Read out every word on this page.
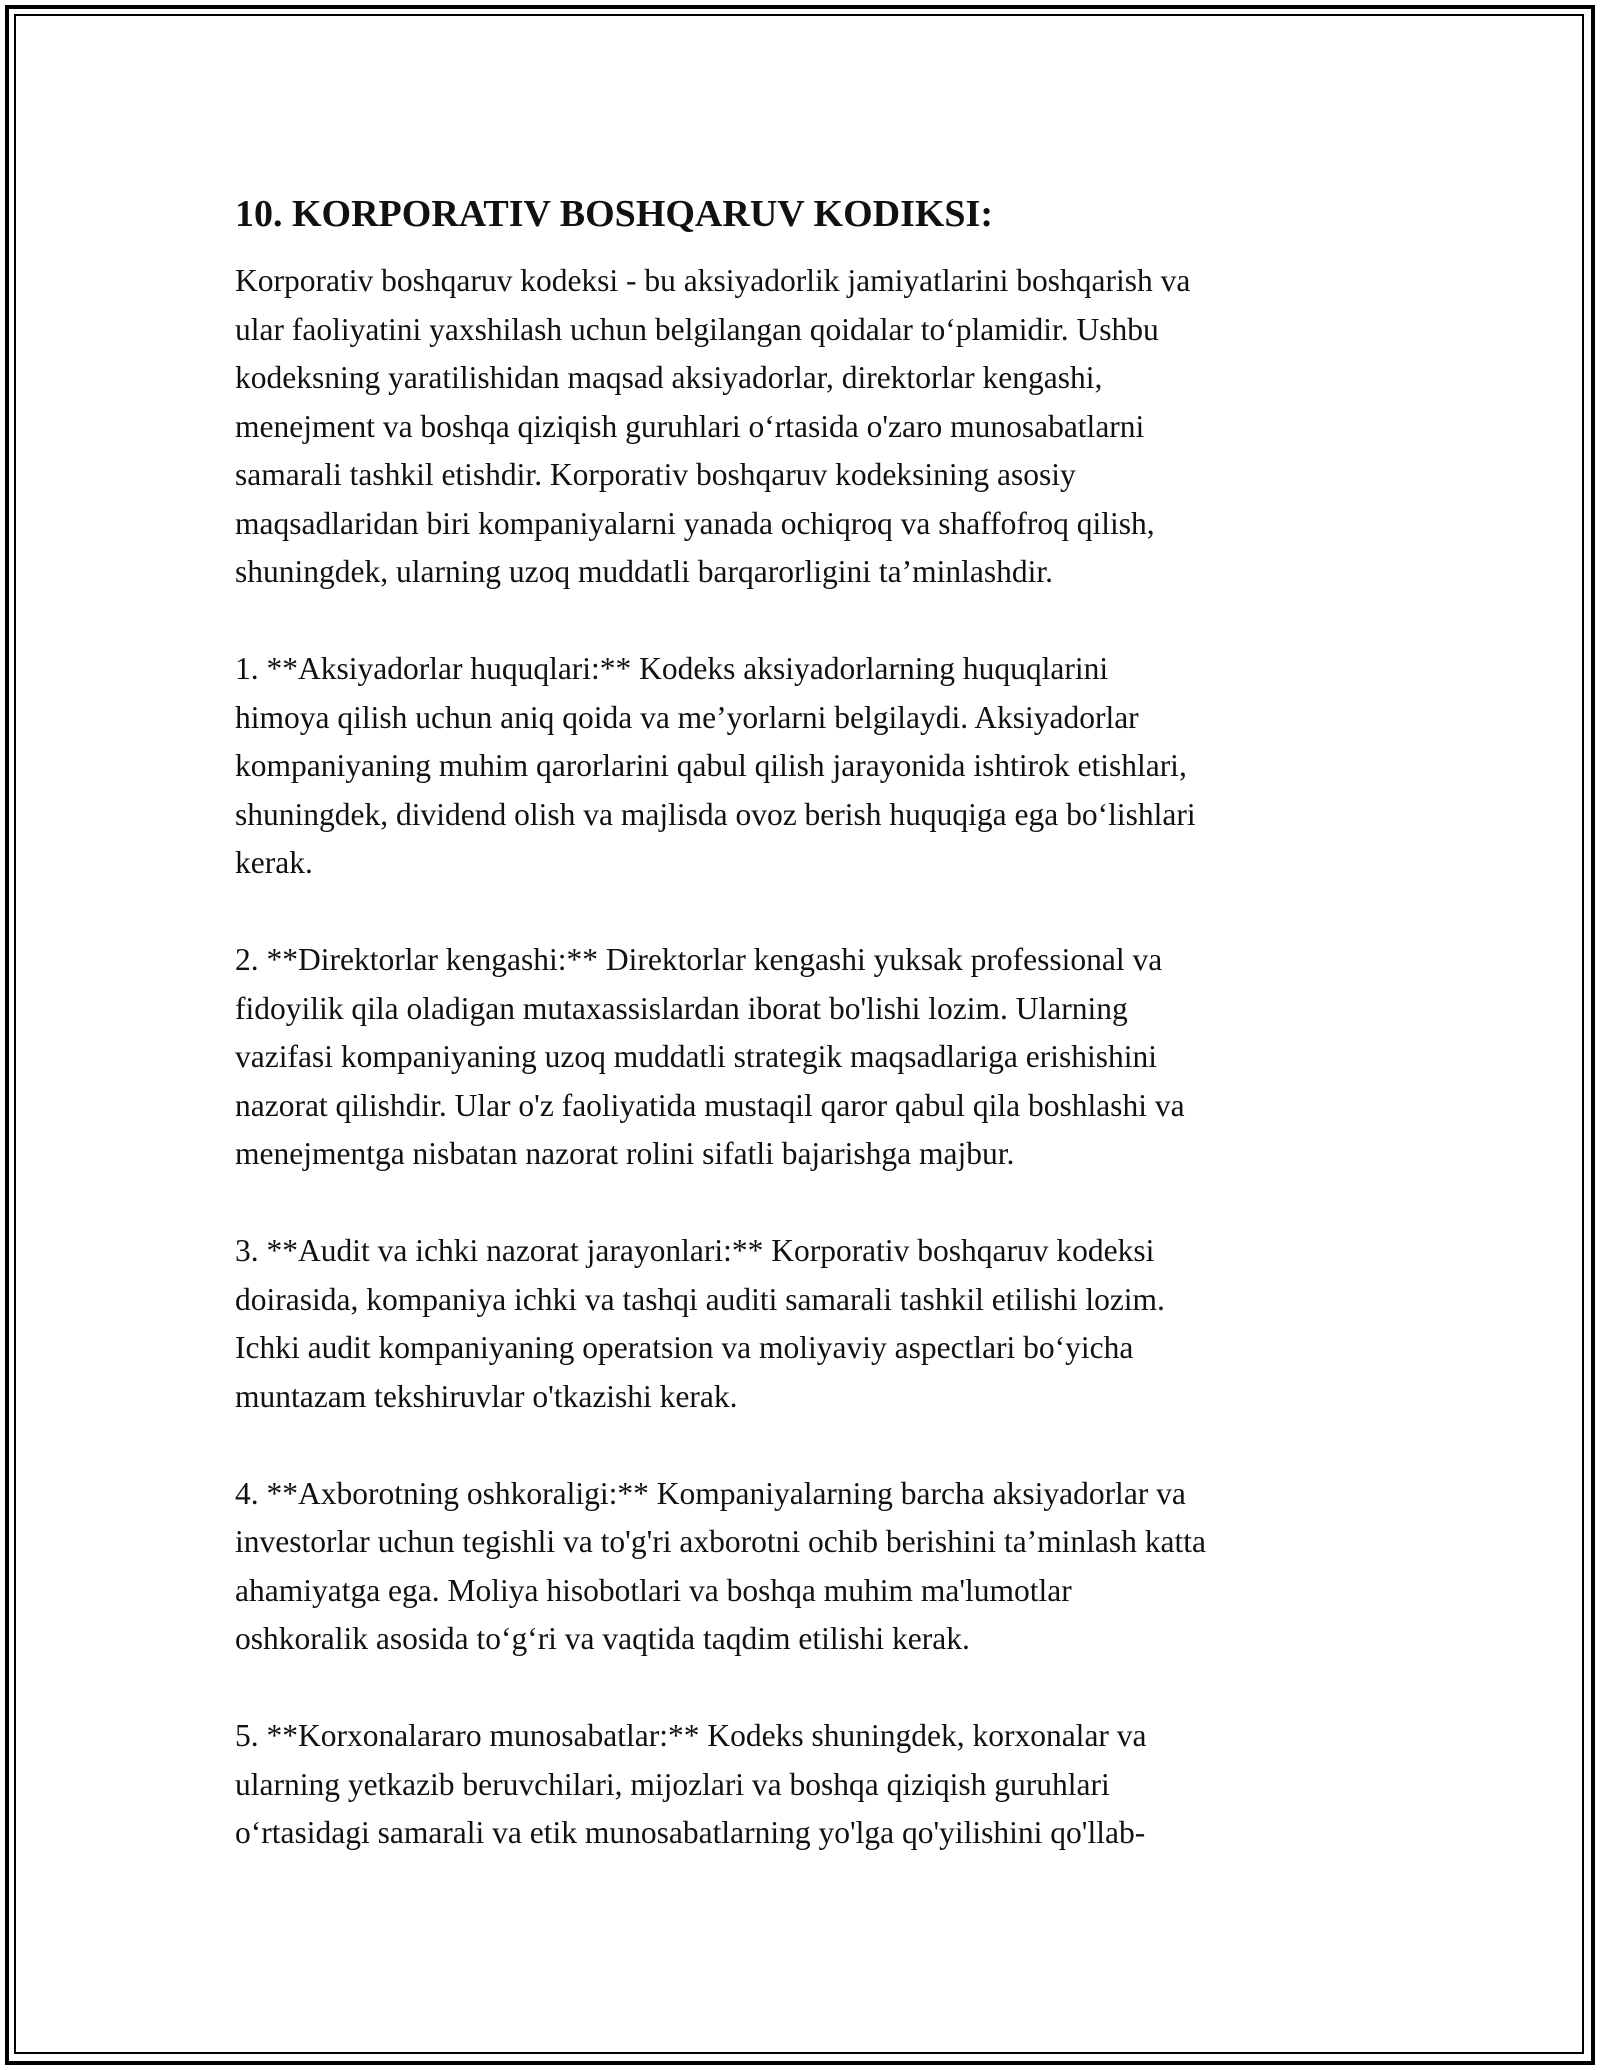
10. KORPORATIV BOSHQARUV KODIKSI:

Korporativ boshqaruv kodeksi - bu aksiyadorlik jamiyatlarini boshqarish va
ular faoliyatini yaxshilash uchun belgilangan qoidalar to‘plamidir. Ushbu
kodeksning yaratilishidan maqsad aksiyadorlar, direktorlar kengashi,
menejment va boshqa qiziqish guruhlari o‘rtasida o'zaro munosabatlarni
samarali tashkil etishdir. Korporativ boshqaruv kodeksining asosiy
maqsadlaridan biri kompaniyalarni yanada ochiqroq va shaffofroq qilish,
shuningdek, ularning uzoq muddatli barqarorligini ta’minlashdir.

1. **Aksiyadorlar huquqlari:** Kodeks aksiyadorlarning huquqlarini
himoya qilish uchun aniq qoida va me’yorlarni belgilaydi. Aksiyadorlar
kompaniyaning muhim qarorlarini qabul qilish jarayonida ishtirok etishlari,
shuningdek, dividend olish va majlisda ovoz berish huquqiga ega bo‘lishlari
kerak.

2. **Direktorlar kengashi:** Direktorlar kengashi yuksak professional va
fidoyilik qila oladigan mutaxassislardan iborat bo'lishi lozim. Ularning
vazifasi kompaniyaning uzoq muddatli strategik maqsadlariga erishishini
nazorat qilishdir. Ular o'z faoliyatida mustaqil qaror qabul qila boshlashi va
menejmentga nisbatan nazorat rolini sifatli bajarishga majbur.

3. **Audit va ichki nazorat jarayonlari:** Korporativ boshqaruv kodeksi
doirasida, kompaniya ichki va tashqi auditi samarali tashkil etilishi lozim.
Ichki audit kompaniyaning operatsion va moliyaviy aspectlari bo‘yicha
muntazam tekshiruvlar o'tkazishi kerak.

4. **Axborotning oshkoraligi:** Kompaniyalarning barcha aksiyadorlar va
investorlar uchun tegishli va to'g'ri axborotni ochib berishini ta’minlash katta
ahamiyatga ega. Moliya hisobotlari va boshqa muhim ma'lumotlar
oshkoralik asosida to‘g‘ri va vaqtida taqdim etilishi kerak.

5. **Korxonalararo munosabatlar:** Kodeks shuningdek, korxonalar va
ularning yetkazib beruvchilari, mijozlari va boshqa qiziqish guruhlari
o‘rtasidagi samarali va etik munosabatlarning yo'lga qo'yilishini qo'llab-
